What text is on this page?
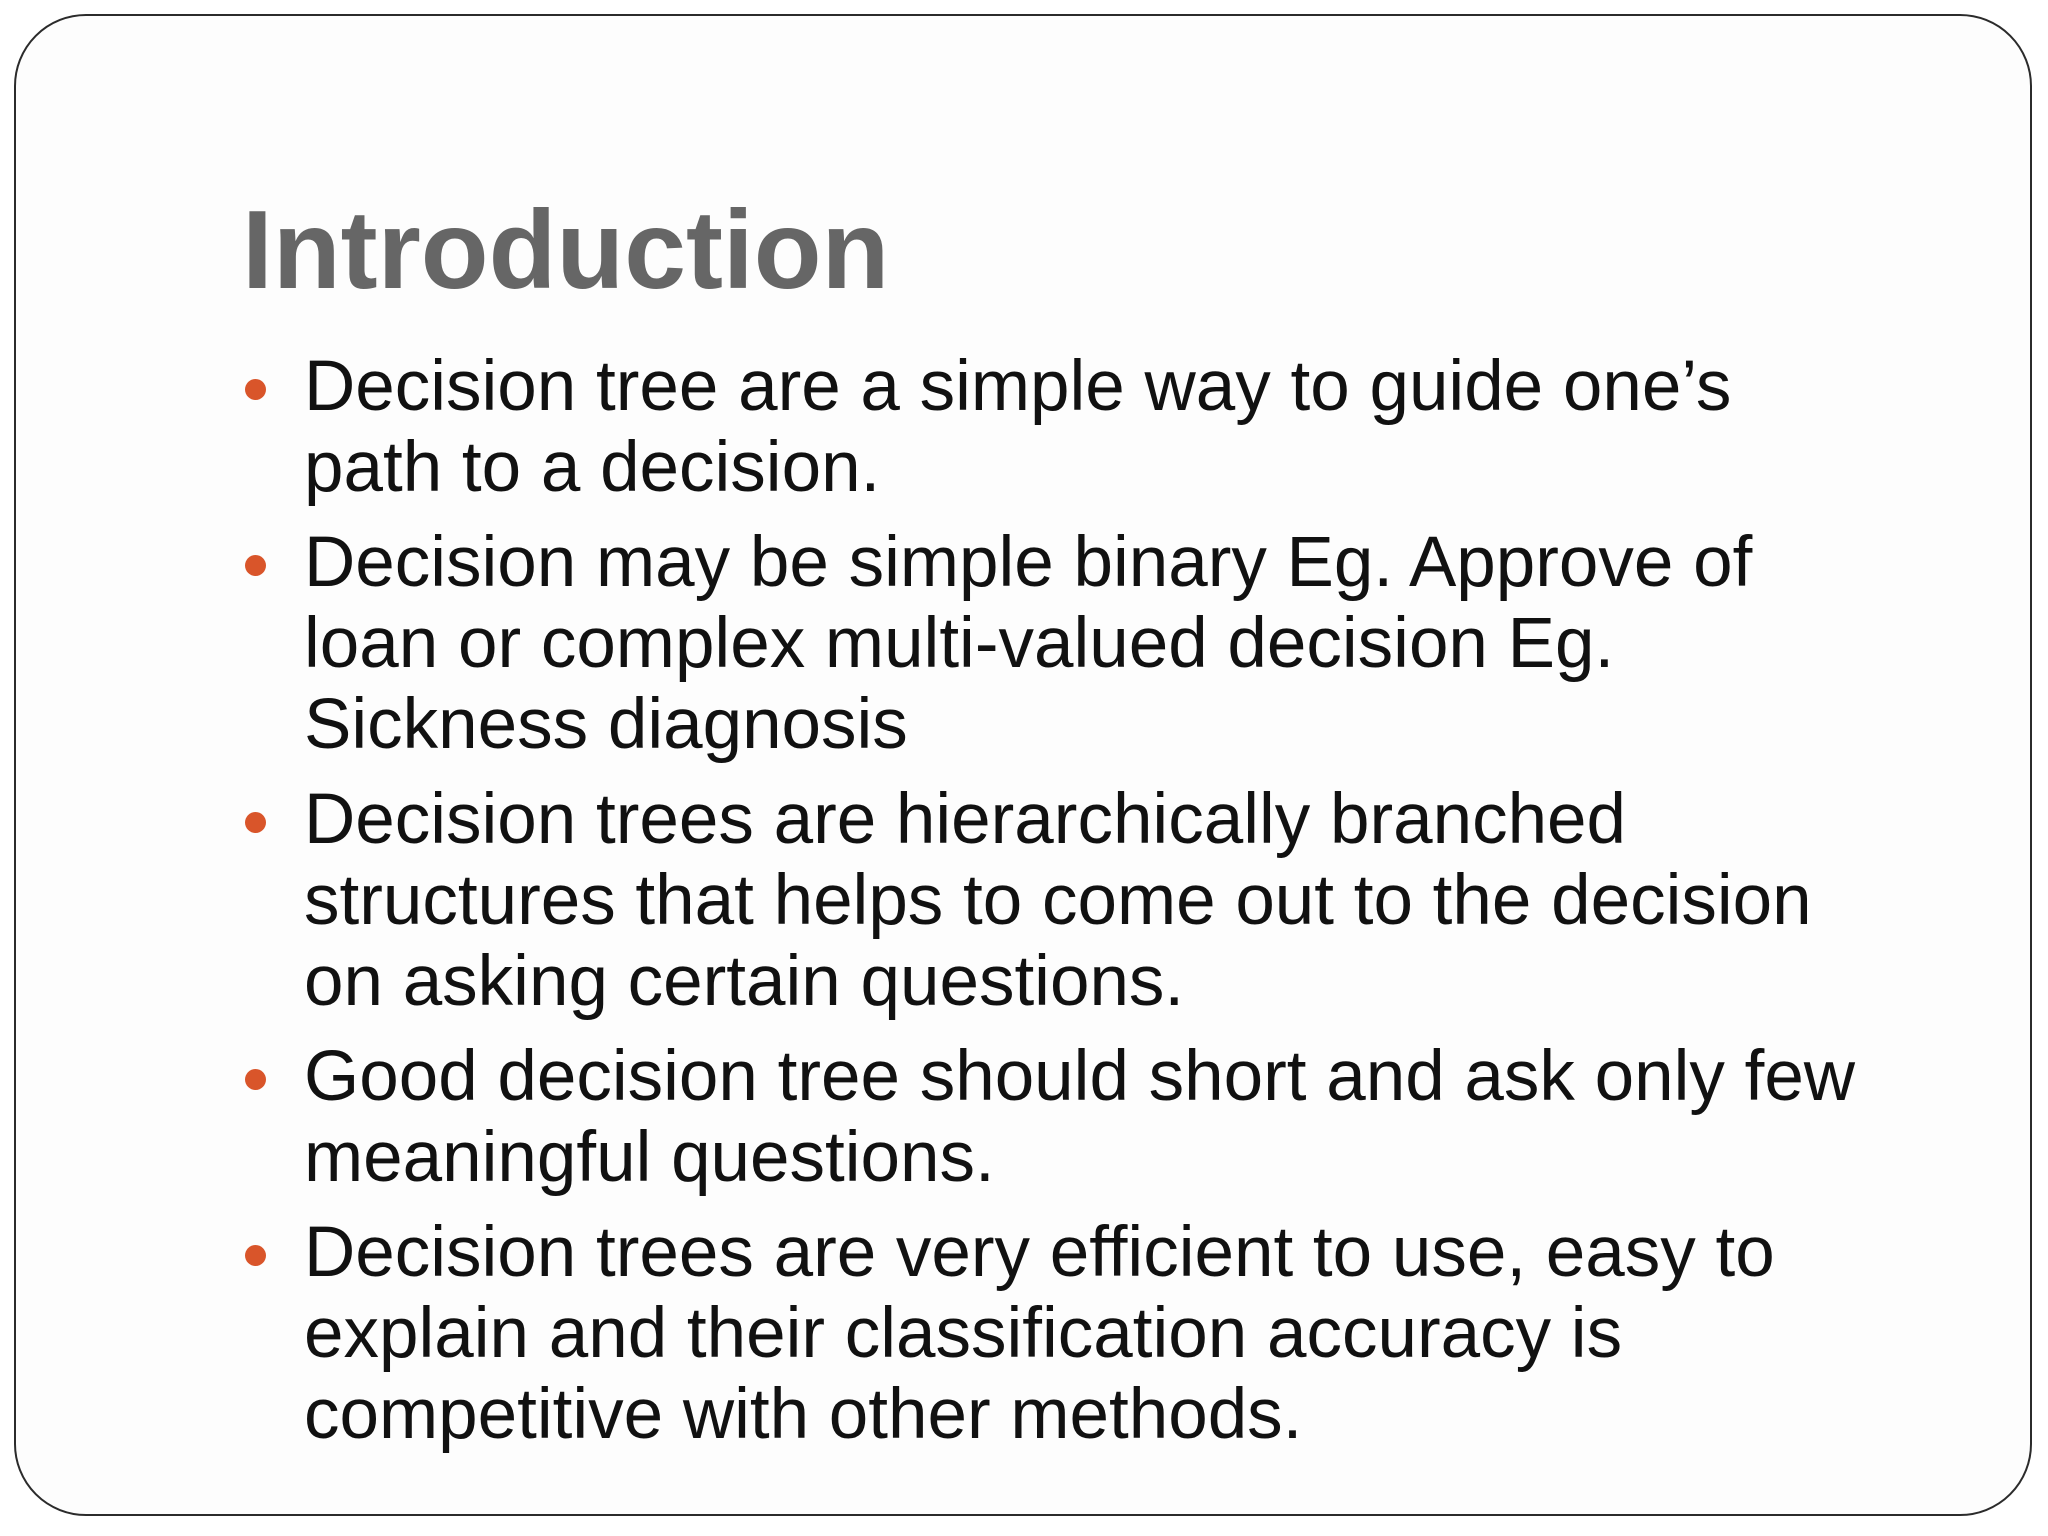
Introduction
Decision tree are a simple way to guide one’s
path to a decision.
Decision may be simple binary Eg. Approve of
loan or complex multi-valued decision Eg.
Sickness diagnosis
Decision trees are hierarchically branched
structures that helps to come out to the decision
on asking certain questions.
Good decision tree should short and ask only few
meaningful questions.
Decision trees are very efficient to use, easy to
explain and their classification accuracy is
competitive with other methods.
